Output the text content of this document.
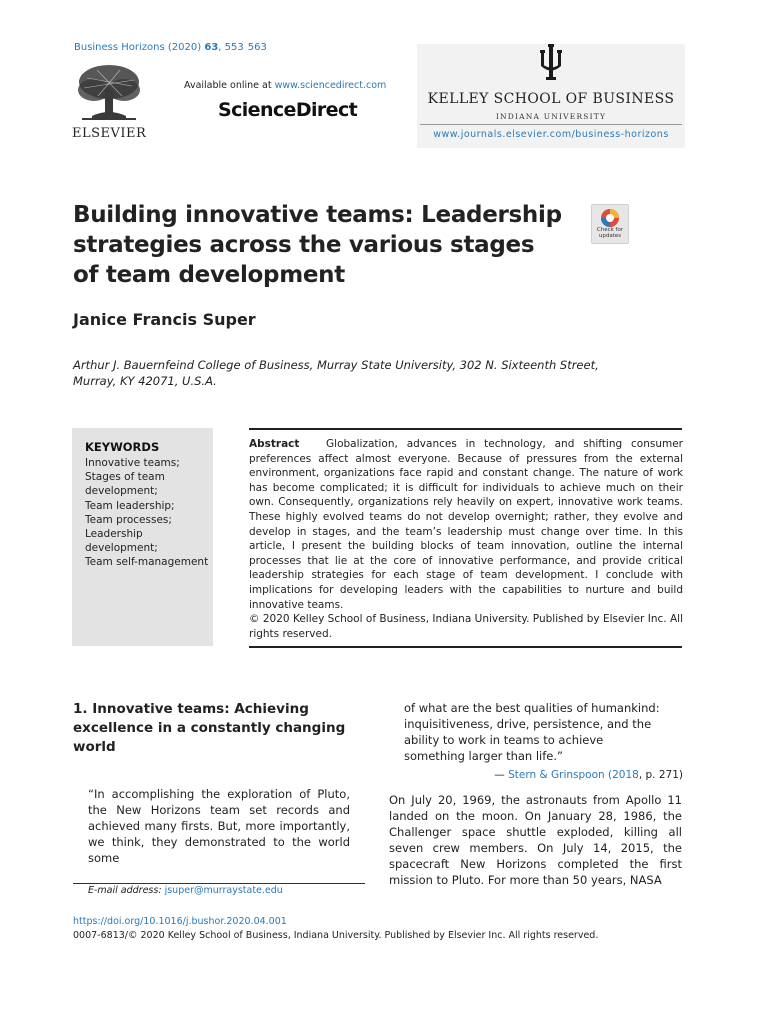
Business Horizons (2020) 63, 553  563
ELSEVIER
Available online at www.sciencedirect.com
ScienceDirect	KELLEY SCHOOL OF BUSINESS
INDIANA UNIVERSITY
www.journals.elsevier.com/business-horizons
Building innovative teams: Leadership strategies across the various stages of team development
Check for updates
Janice Francis Super
Arthur J. Bauernfeind College of Business, Murray State University, 302 N. Sixteenth Street, Murray, KY 42071, U.S.A.
KEYWORDS
Innovative teams;
Stages of team development;
Team leadership;
Team processes;
Leadership development;
Team self-management
Abstract	Globalization, advances in technology, and shifting consumer preferences affect almost everyone. Because of pressures from the external environment, organizations face rapid and constant change. The nature of work has become complicated; it is difficult for individuals to achieve much on their own. Consequently, organizations rely heavily on expert, innovative work teams. These highly evolved teams do not develop overnight; rather, they evolve and develop in stages, and the team’s leadership must change over time. In this article, I present the building blocks of team innovation, outline the internal processes that lie at the core of innovative performance, and provide critical leadership strategies for each stage of team development. I conclude with implications for developing leaders with the capabilities to nurture and build innovative teams.
© 2020 Kelley School of Business, Indiana University. Published by Elsevier Inc. All rights reserved.
1. Innovative teams: Achieving excellence in a constantly changing world
“In accomplishing the exploration of Pluto, the New Horizons team set records and achieved many firsts. But, more importantly, we think, they demonstrated to the world some
of what are the best qualities of humankind: inquisitiveness, drive, persistence, and the ability to work in teams to achieve something larger than life.”
— Stern & Grinspoon (2018, p. 271)
On July 20, 1969, the astronauts from Apollo 11 landed on the moon. On January 28, 1986, the Challenger space shuttle exploded, killing all seven crew members. On July 14, 2015, the spacecraft New Horizons completed the first mission to Pluto. For more than 50 years, NASA
E-mail address: jsuper@murraystate.edu
https://doi.org/10.1016/j.bushor.2020.04.001
0007-6813/© 2020 Kelley School of Business, Indiana University. Published by Elsevier Inc. All rights reserved.
